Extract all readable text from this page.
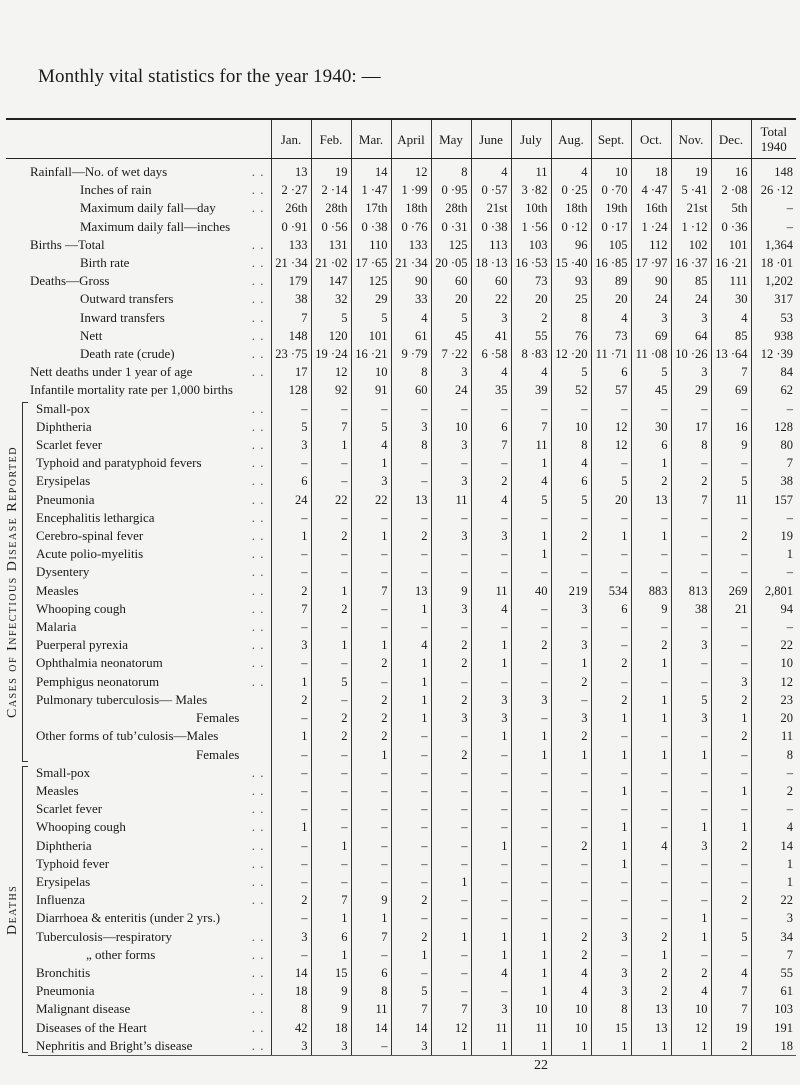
Monthly vital statistics for the year 1940: —
		Jan.	Feb.	Mar.	April	May	June	July	Aug.	Sept.	Oct.	Nov.	Dec.	Total
1940

	Rainfall—No. of wet days . .	13	19	14	12	8	4	11	4	10	18	19	16	148
	Inches of rain . .	2 ·27	2 ·14	1 ·47	1 ·99	0 ·95	0 ·57	3 ·82	0 ·25	0 ·70	4 ·47	5 ·41	2 ·08	26 ·12
	Maximum daily fall—day . .	26th	28th	17th	18th	28th	21st	10th	18th	19th	16th	21st	5th	–
	Maximum daily fall—inches	0 ·91	0 ·56	0 ·38	0 ·76	0 ·31	0 ·38	1 ·56	0 ·12	0 ·17	1 ·24	1 ·12	0 ·36	–
	Births —Total . .	133	131	110	133	125	113	103	96	105	112	102	101	1,364
	Birth rate . .	21 ·34	21 ·02	17 ·65	21 ·34	20 ·05	18 ·13	16 ·53	15 ·40	16 ·85	17 ·97	16 ·37	16 ·21	18 ·01
	Deaths—Gross . .	179	147	125	90	60	60	73	93	89	90	85	111	1,202
	Outward transfers . .	38	32	29	33	20	22	20	25	20	24	24	30	317
	Inward transfers . .	7	5	5	4	5	3	2	8	4	3	3	4	53
	Nett . .	148	120	101	61	45	41	55	76	73	69	64	85	938
	Death rate (crude) . .	23 ·75	19 ·24	16 ·21	9 ·79	7 ·22	6 ·58	8 ·83	12 ·20	11 ·71	11 ·08	10 ·26	13 ·64	12 ·39
	Nett deaths under 1 year of age . .	17	12	10	8	3	4	4	5	6	5	3	7	84
	Infantile mortality rate per 1,000 births	128	92	91	60	24	35	39	52	57	45	29	69	62

Cases of Infectious Disease Reported	Small-pox . .	–	–	–	–	–	–	–	–	–	–	–	–	–
	Diphtheria . .	5	7	5	3	10	6	7	10	12	30	17	16	128
	Scarlet fever . .	3	1	4	8	3	7	11	8	12	6	8	9	80
	Typhoid and paratyphoid fevers . .	–	–	1	–	–	–	1	4	–	1	–	–	7
	Erysipelas . .	6	–	3	–	3	2	4	6	5	2	2	5	38
	Pneumonia . .	24	22	22	13	11	4	5	5	20	13	7	11	157
	Encephalitis lethargica . .	–	–	–	–	–	–	–	–	–	–	–	–	–
	Cerebro-spinal fever . .	1	2	1	2	3	3	1	2	1	1	–	2	19
	Acute polio-myelitis . .	–	–	–	–	–	–	1	–	–	–	–	–	1
	Dysentery . .	–	–	–	–	–	–	–	–	–	–	–	–	–
	Measles . .	2	1	7	13	9	11	40	219	534	883	813	269	2,801
	Whooping cough . .	7	2	–	1	3	4	–	3	6	9	38	21	94
	Malaria . .	–	–	–	–	–	–	–	–	–	–	–	–	–
	Puerperal pyrexia . .	3	1	1	4	2	1	2	3	–	2	3	–	22
	Ophthalmia neonatorum . .	–	–	2	1	2	1	–	1	2	1	–	–	10
	Pemphigus neonatorum . .	1	5	–	1	–	–	–	2	–	–	–	3	12
	Pulmonary tuberculosis— Males	2	–	2	1	2	3	3	–	2	1	5	2	23
	Females	–	2	2	1	3	3	–	3	1	1	3	1	20
	Other forms of tub’culosis—Males	1	2	2	–	–	1	1	2	–	–	–	2	11
	Females	–	–	1	–	2	–	1	1	1	1	1	–	8

Deaths	Small-pox . .	–	–	–	–	–	–	–	–	–	–	–	–	–
	Measles . .	–	–	–	–	–	–	–	–	1	–	–	1	2
	Scarlet fever . .	–	–	–	–	–	–	–	–	–	–	–	–	–
	Whooping cough . .	1	–	–	–	–	–	–	–	1	–	1	1	4
	Diphtheria . .	–	1	–	–	–	1	–	2	1	4	3	2	14
	Typhoid fever . .	–	–	–	–	–	–	–	–	1	–	–	–	1
	Erysipelas . .	–	–	–	–	1	–	–	–	–	–	–	–	1
	Influenza . .	2	7	9	2	–	–	–	–	–	–	–	2	22
	Diarrhoea & enteritis (under 2 yrs.)	–	1	1	–	–	–	–	–	–	–	1	–	3
	Tuberculosis—respiratory . .	3	6	7	2	1	1	1	2	3	2	1	5	34
	„ other forms . .	–	1	–	1	–	1	1	2	–	1	–	–	7
	Bronchitis . .	14	15	6	–	–	4	1	4	3	2	2	4	55
	Pneumonia . .	18	9	8	5	–	–	1	4	3	2	4	7	61
	Malignant disease . .	8	9	11	7	7	3	10	10	8	13	10	7	103
	Diseases of the Heart . .	42	18	14	14	12	11	11	10	15	13	12	19	191
	Nephritis and Bright’s disease . .	3	3	–	3	1	1	1	1	1	1	1	2	18
22
